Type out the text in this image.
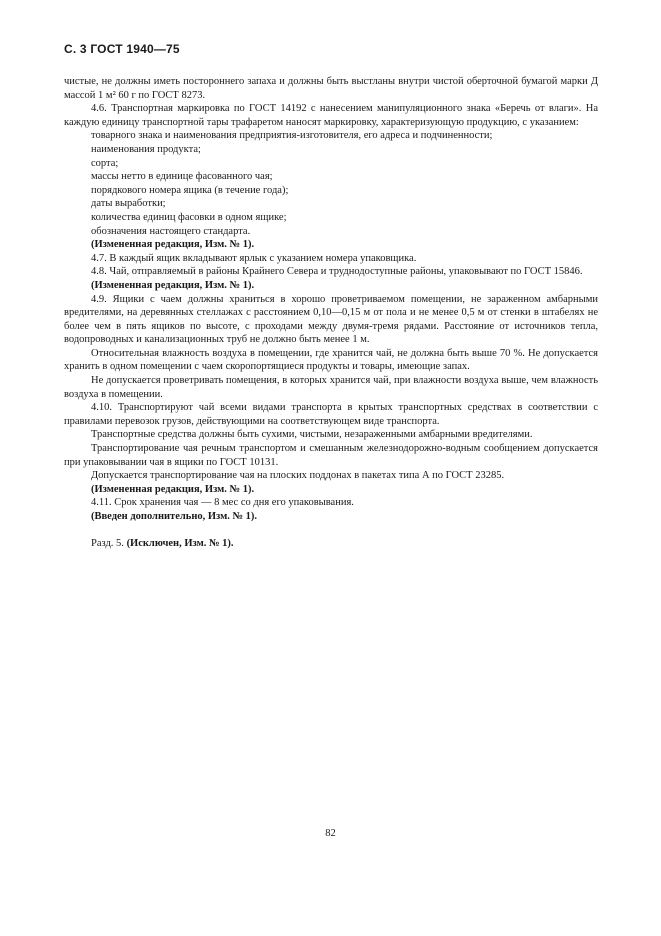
С. 3 ГОСТ 1940—75

чистые, не должны иметь постороннего запаха и должны быть выстланы внутри чистой оберточной бумагой марки Д массой 1 м² 60 г по ГОСТ 8273.

4.6. Транспортная маркировка по ГОСТ 14192 с нанесением манипуляционного знака «Беречь от влаги». На каждую единицу транспортной тары трафаретом наносят маркировку, характеризующую продукцию, с указанием:

товарного знака и наименования предприятия-изготовителя, его адреса и подчиненности;

наименования продукта;

сорта;

массы нетто в единице фасованного чая;

порядкового номера ящика (в течение года);

даты выработки;

количества единиц фасовки в одном ящике;

обозначения настоящего стандарта.

(Измененная редакция, Изм. № 1).

4.7. В каждый ящик вкладывают ярлык с указанием номера упаковщика.

4.8. Чай, отправляемый в районы Крайнего Севера и труднодоступные районы, упаковывают по ГОСТ 15846.

(Измененная редакция, Изм. № 1).

4.9. Ящики с чаем должны храниться в хорошо проветриваемом помещении, не зараженном амбарными вредителями, на деревянных стеллажах с расстоянием 0,10—0,15 м от пола и не менее 0,5 м от стенки в штабелях не более чем в пять ящиков по высоте, с проходами между двумя-тремя рядами. Расстояние от источников тепла, водопроводных и канализационных труб не должно быть менее 1 м.

Относительная влажность воздуха в помещении, где хранится чай, не должна быть выше 70 %. Не допускается хранить в одном помещении с чаем скоропортящиеся продукты и товары, имеющие запах.

Не допускается проветривать помещения, в которых хранится чай, при влажности воздуха выше, чем влажность воздуха в помещении.

4.10. Транспортируют чай всеми видами транспорта в крытых транспортных средствах в соответствии с правилами перевозок грузов, действующими на соответствующем виде транспорта.

Транспортные средства должны быть сухими, чистыми, незараженными амбарными вредителями.

Транспортирование чая речным транспортом и смешанным железнодорожно-водным сообщением допускается при упаковывании чая в ящики по ГОСТ 10131.

Допускается транспортирование чая на плоских поддонах в пакетах типа А по ГОСТ 23285.

(Измененная редакция, Изм. № 1).

4.11. Срок хранения чая — 8 мес со дня его упаковывания.

(Введен дополнительно, Изм. № 1).

Разд. 5. (Исключен, Изм. № 1).

82
